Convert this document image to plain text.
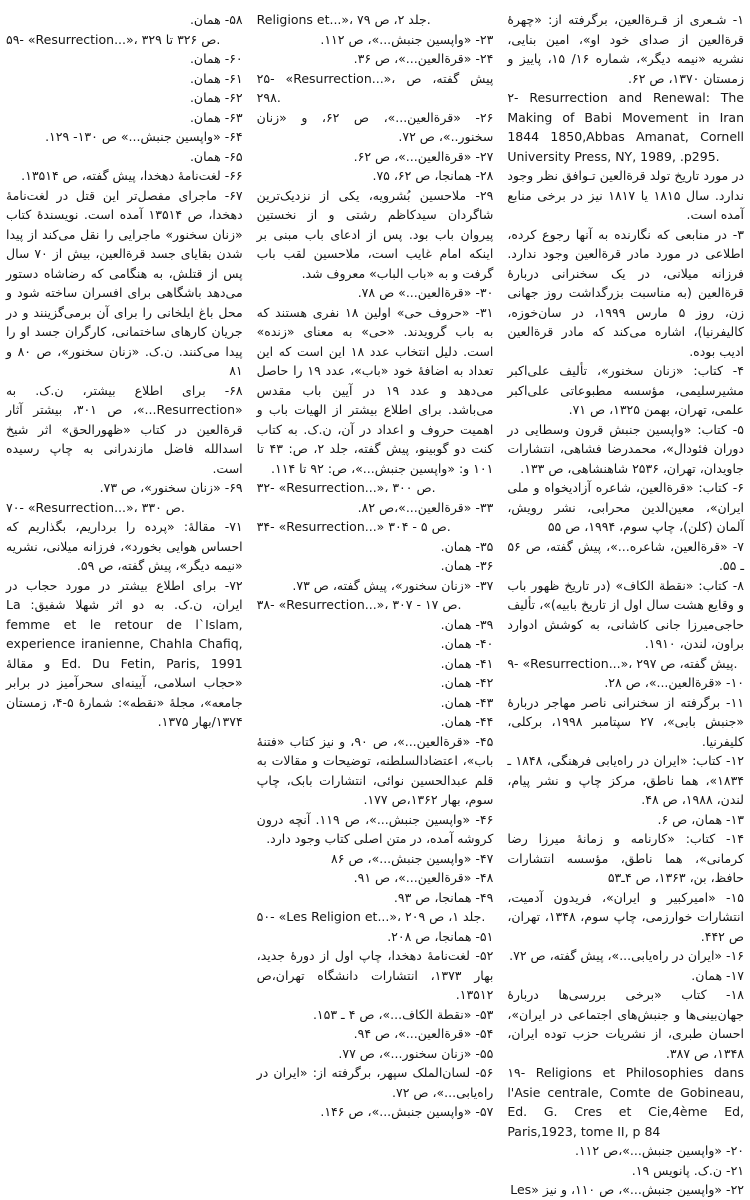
۱- شـعری از قـرةالعین، برگرفته از: «چهرهٔ قرةالعین از صدای خود او»، امین بنایی، نشریه «نیمه دیگر»، شماره ۱۶/ ۱۵، پاییز و زمستان ۱۳۷۰، ص ۶۲.

۲- Resurrection and Renewal: The Making of Babi Movement in Iran 1844 1850,Abbas Amanat, Cornell University Press, NY, 1989, .p295.

در مورد تاریخ تولد قرةالعین تـوافق نظر وجود ندارد. سال ۱۸۱۵ یا ۱۸۱۷ نیز در برخی منابع آمده است.

۳- در منابعی که نگارنده به آنها رجوع کرده، اطلاعی در مورد مادر قرةالعین وجود ندارد. فرزانه میلانی، در یک سخنرانی دربارهٔ قرةالعین (به مناسبت بزرگداشت روز جهانی زن، روز ۵ مارس ۱۹۹۹، در سان‌خوزه، کالیفرنیا)، اشاره می‌کند که مادر قرةالعین ادیب بوده.

۴- کتاب: «زنان سخنور»، تألیف علی‌اکبر مشیرسلیمی، مؤسسه مطبوعاتی علی‌اکبر علمی، تهران، بهمن ۱۳۲۵، ص ۷۱.

۵- کتاب: «واپسین جنبش قرون وسطایی در دوران فئودال»، محمدرضا فشاهی، انتشارات جاویدان، تهران، ۲۵۳۶ شاهنشاهی، ص ۱۳۳.

۶- کتاب: «قرةالعین، شاعره آزادیخواه و ملی ایران»، معین‌الدین محرابی، نشر رویش، آلمان (کلن)، چاپ سوم، ۱۹۹۴، ص ۵۵

۷- «قرةالعین، شاعره...»، پیش گفته، ص ۵۶ ـ ۵۵.

۸- کتاب: «نقطة الکاف» (در تاریخ ظهور باب و وقایع هشت سال اول از تاریخ بابیه)»، تألیف حاجی‌میرزا جانی کاشانی، به کوشش ادوارد براون، لندن، ۱۹۱۰.

۹- «Resurrection...»، پیش گفته، ص ۲۹۷.

۱۰- «قرةالعین...»، ص ۲۸.

۱۱- برگرفته از سخنرانی ناصر مهاجر دربارهٔ «جنبش بابی»، ۲۷ سپتامبر ۱۹۹۸، برکلی، کلیفرنیا.

۱۲- کتاب: «ایران در راه‌یابی فرهنگی، ۱۸۴۸ ـ ۱۸۳۴»، هما ناطق، مرکز چاپ و نشر پیام، لندن، ۱۹۸۸، ص ۴۸.

۱۳- همان، ص ۶.

۱۴- کتاب: «کارنامه و زمانهٔ میرزا رضا کرمانی»، هما ناطق، مؤسسه انتشارات حافظ، بن، ۱۳۶۳، ص ۴ـ۵۳

۱۵- «امیرکبیر و ایران»، فریدون آدمیت، انتشارات خوارزمی، چاپ سوم، ۱۳۴۸، تهران، ص ۴۴۲.

۱۶- «ایران در راه‌یابی...»، پیش گفته، ص ۷۲.

۱۷- همان.

۱۸- کتاب «برخی بررسی‌ها دربارهٔ جهان‌بینی‌ها و جنبش‌های اجتماعی در ایران»، احسان طبری، از نشریات حزب توده ایران، ۱۳۴۸، ص ۳۸۷.

۱۹- Religions et Philosophies dans l'Asie centrale, Comte de Gobineau, Ed. G. Cres et Cie,4ème Ed, Paris,1923, tome II, p 84

۲۰- «واپسین جنبش...»،ص ۱۱۲.

۲۱- ن.ک. پانویس ۱۹.

۲۲- «واپسین جنبش...»، ص ۱۱۰، و نیز «Les

Religions et...»، جلد ۲، ص ۷۹.

۲۳- «واپسین جنبش...»، ص ۱۱۲.

۲۴- «قرةالعین...»، ص ۳۶.

۲۵- «Resurrection...»، پیش گفته، ص ۲۹۸.

۲۶- «قرةالعین...»، ص ۶۲، و «زنان سخنور..»، ص ۷۲.

۲۷- «قرةالعین...»، ص ۶۲.

۲۸- همانجا، ص ۶۲، ۷۵.

۲۹- ملاحسین بُشرویه، یکی از نزدیک‌ترین شاگردان سیدکاظم رشتی و از نخستین پیروان باب بود. پس از ادعای باب مبنی بر اینکه امام غایب است، ملاحسین لقب باب گرفت و به «باب الباب» معروف شد.

۳۰- «قرةالعین...» ص ۷۸.

۳۱- «حروف حی» اولین ۱۸ نفری هستند که به باب گرویدند. «حی» به معنای «زنده» است. دلیل انتخاب عدد ۱۸ این است که این تعداد به اضافهٔ خود «باب»، عدد ۱۹ را حاصل می‌دهد و عدد ۱۹ در آیین باب مقدس می‌باشد. برای اطلاع بیشتر از الهیات باب و اهمیت حروف و اعداد در آن، ن.ک. به کتاب کنت دو گوبینو، پیش گفته، جلد ۲، ص: ۴۳ تا ۱۰۱ و: «واپسین جنبش...»، ص: ۹۲ تا ۱۱۴.

۳۲- «Resurrection...»، ص ۳۰۰.

۳۳- «قرةالعین...»،ص ۸۲.

۳۴- «Resurrection...» ص ۵ - ۳۰۴.

۳۵- همان.

۳۶- همان.

۳۷- «زنان سخنور»، پیش گفته، ص ۷۳.

۳۸- «Resurrection...»، ص ۱۷ - ۳۰۷.

۳۹- همان.

۴۰- همان.

۴۱- همان.

۴۲- همان.

۴۳- همان.

۴۴- همان.

۴۵- «قرةالعین...»، ص ۹۰، و نیز کتاب «فتنهٔ باب»، اعتضادالسلطنه، توضیحات و مقالات به قلم عبدالحسین نوائی، انتشارات بابک، چاپ سوم، بهار ۱۳۶۲،ص ۱۷۷.

۴۶- «واپسین جنبش...»، ص ۱۱۹. آنچه درون کروشه آمده، در متن اصلی کتاب وجود دارد.

۴۷- «واپسین جنبش...»، ص ۸۶

۴۸- «قرةالعین...»، ص ۹۱.

۴۹- همانجا، ص ۹۳.

۵۰- «Les Religion et...»، جلد ۱، ص ۲۰۹.

۵۱- همانجا، ص ۲۰۸.

۵۲- لغت‌نامهٔ دهخدا، چاپ اول از دورهٔ جدید، بهار ۱۳۷۳، انتشارات دانشگاه تهران،ص ۱۳۵۱۲.

۵۳- «نقطة الکاف...»، ص ۴ ـ ۱۵۳.

۵۴- «قرةالعین...»، ص ۹۴.

۵۵- «زنان سخنور...»، ص ۷۷.

۵۶- لسان‌الملک سپهر، برگرفته از: «ایران در راه‌یابی...»، ص ۷۲.

۵۷- «واپسین جنبش...»، ص ۱۴۶.

۵۸- همان.

۵۹- «Resurrection...»، ص ۳۲۶ تا ۳۲۹.

۶۰- همان.

۶۱- همان.

۶۲- همان.

۶۳- همان.

۶۴- «واپسین جنبش...» ص ۱۳۰- ۱۲۹.

۶۵- همان.

۶۶- لغت‌نامهٔ دهخدا، پیش گفته، ص ۱۳۵۱۴.

۶۷- ماجرای مفصل‌تر این قتل در لغت‌نامهٔ دهخدا، ص ۱۳۵۱۴ آمده است. نویسندهٔ کتاب «زنان سخنور» ماجرایی را نقل می‌کند از پیدا شدن بقایای جسد قرةالعین، بیش از ۷۰ سال پس از قتلش، به هنگامی که رضاشاه دستور می‌دهد باشگاهی برای افسران ساخته شود و محل باغ ایلخانی را برای آن برمی‌گزینند و در جریان کارهای ساختمانی، کارگران جسد او را پیدا می‌کنند. ن.ک. «زنان سخنور»، ص ۸۰ و ۸۱

۶۸- برای اطلاع بیشتر، ن.ک. به «Resurrection...»، ص ۳۰۱، بیشتر آثار قرةالعین در کتاب «ظهورالحق» اثر شیخ اسدالله فاضل مازندرانی به چاپ رسیده است.

۶۹- «زنان سخنور»، ص ۷۳.

۷۰- «Resurrection...»، ص ۳۳۰.

۷۱- مقالهٔ: «پرده را برداریم، بگذاریم که احساس هوایی بخورد»، فرزانه میلانی، نشریه «نیمه دیگر»، پیش گفته، ص ۵۹.

۷۲- برای اطلاع بیشتر در مورد حجاب در ایران، ن.ک. به دو اثر شهلا شفیق: La femme et le retour de l`Islam, experience iranienne, Chahla Chafiq, Ed. Du Fetin, Paris, 1991 و مقالهٔ «حجاب اسلامی، آیینه‌ای سحرآمیز در برابر جامعه»، مجلهٔ «نقطه»: شمارهٔ ۵-۴، زمستان ۱۳۷۴/بهار ۱۳۷۵.
